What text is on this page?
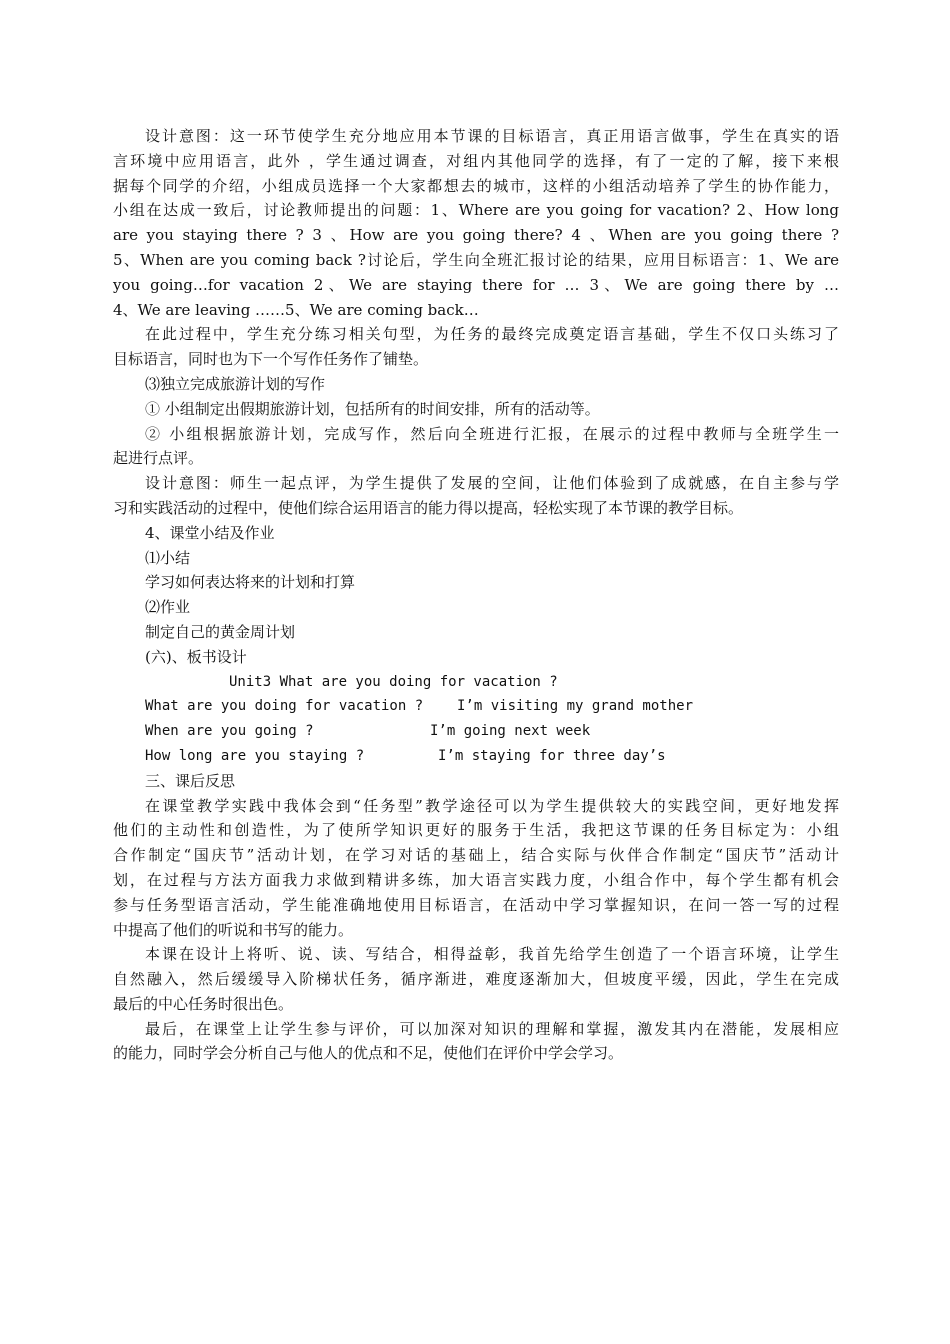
设计意图：这一环节使学生充分地应用本节课的目标语言，真正用语言做事，学生在真实的语
言环境中应用语言，此外 ，学生通过调查，对组内其他同学的选择，有了一定的了解，接下来根
据每个同学的介绍，小组成员选择一个大家都想去的城市，这样的小组活动培养了学生的协作能力，
小组在达成一致后，讨论教师提出的问题：1、Where are you going for vacation? 2、How long
are you staying there ? 3 、How are you going there? 4 、When are you going there ?
5、When are you coming back ?讨论后，学生向全班汇报讨论的结果，应用目标语言：1、We are
you going…for vacation 2、We are staying there for … 3、We are going there by …
4、We are leaving ……5、We are coming back…
在此过程中，学生充分练习相关句型，为任务的最终完成奠定语言基础，学生不仅口头练习了
目标语言，同时也为下一个写作任务作了铺垫。
⑶独立完成旅游计划的写作
① 小组制定出假期旅游计划，包括所有的时间安排，所有的活动等。
② 小组根据旅游计划，完成写作，然后向全班进行汇报，在展示的过程中教师与全班学生一
起进行点评。
设计意图：师生一起点评，为学生提供了发展的空间，让他们体验到了成就感，在自主参与学
习和实践活动的过程中，使他们综合运用语言的能力得以提高，轻松实现了本节课的教学目标。
4、课堂小结及作业
⑴小结
学习如何表达将来的计划和打算
⑵作业
制定自己的黄金周计划
(六)、板书设计
Unit3 What are you doing for vacation ?
What are you doing for vacation ? I’m visiting my grand mother
When are you going ?	I’m going next week
How long are you staying ?	I’m staying for three day’s
三、课后反思
在课堂教学实践中我体会到“任务型”教学途径可以为学生提供较大的实践空间，更好地发挥
他们的主动性和创造性，为了使所学知识更好的服务于生活，我把这节课的任务目标定为：小组
合作制定“国庆节”活动计划，在学习对话的基础上，结合实际与伙伴合作制定“国庆节”活动计
划，在过程与方法方面我力求做到精讲多练，加大语言实践力度，小组合作中，每个学生都有机会
参与任务型语言活动，学生能准确地使用目标语言，在活动中学习掌握知识，在问一答一写的过程
中提高了他们的听说和书写的能力。
本课在设计上将听、说、读、写结合，相得益彰，我首先给学生创造了一个语言环境，让学生
自然融入，然后缓缓导入阶梯状任务，循序渐进，难度逐渐加大，但坡度平缓，因此，学生在完成
最后的中心任务时很出色。
最后，在课堂上让学生参与评价，可以加深对知识的理解和掌握，激发其内在潜能，发展相应
的能力，同时学会分析自己与他人的优点和不足，使他们在评价中学会学习。
